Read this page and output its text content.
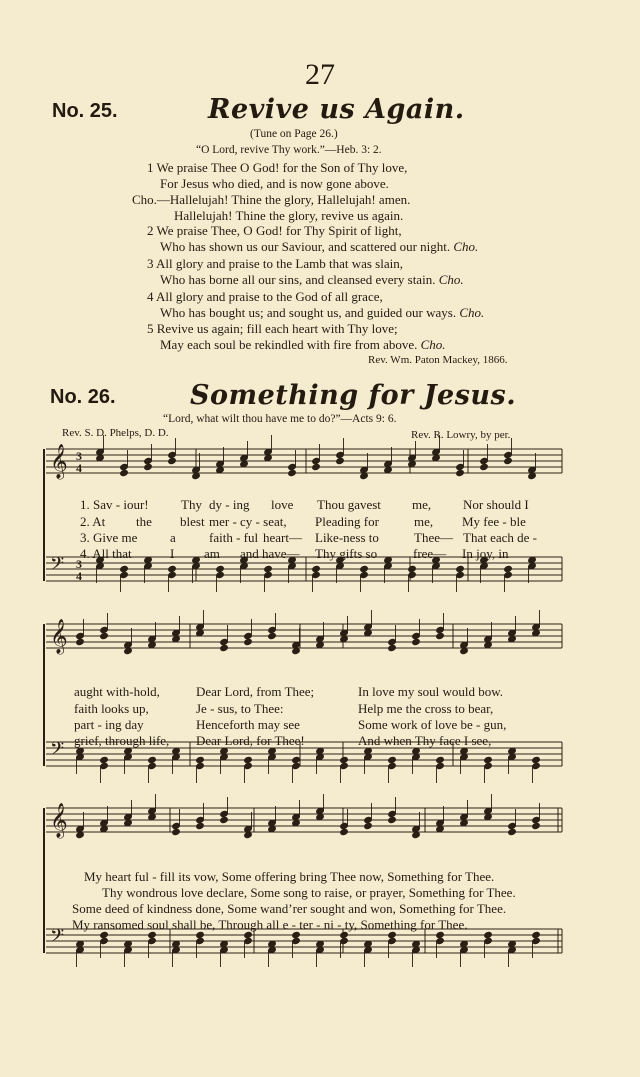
27
No. 25.	Revive us Again.
(Tune on Page 26.)
“O Lord, revive Thy work.”—Heb. 3: 2.
1 We praise Thee O God! for the Son of Thy love,
For Jesus who died, and is now gone above.
Cho.—Hallelujah! Thine the glory, Hallelujah! amen.
Hallelujah! Thine the glory, revive us again.
2 We praise Thee, O God! for Thy Spirit of light,
Who has shown us our Saviour, and scattered our night. Cho.
3 All glory and praise to the Lamb that was slain,
Who has borne all our sins, and cleansed every stain. Cho.
4 All glory and praise to the God of all grace,
Who has bought us; and sought us, and guided our ways. Cho.
5 Revive us again; fill each heart with Thy love;
May each soul be rekindled with fire from above. Cho.
Rev. Wm. Paton Mackey, 1866.
No. 26.	Something for Jesus.
“Lord, what wilt thou have me to do?”—Acts 9: 6.
Rev. S. D. Phelps, D. D.	Rev. R. Lowry, by per.
𝄞 3
4
𝄢 3
4
𝄞
𝄢
𝄞
𝄢
1. Sav - iour! Thy dy - ing love Thou gavest me, Nor should I
2. At the blest mer - cy - seat, Pleading for	me, My fee - ble
3. Give me	a	faith - ful heart— Like-ness to	Thee— That each de -
4. All that	I am and have— Thy gifts so	free— In joy, in
aught with-hold,	Dear Lord, from Thee;	In love my soul would bow.
faith looks up,	Je - sus, to Thee:	Help me the cross to bear,
part - ing day	Henceforth may see	Some work of love be - gun,
grief, through life, Dear Lord, for Thee!	And when Thy face I see,
My heart ful - fill its vow, Some offering bring Thee now, Something for Thee.
Thy wondrous love declare, Some song to raise, or prayer, Something for Thee.
Some deed of kindness done, Some wand’rer sought and won, Something for Thee.
My ransomed soul shall be, Through all e - ter - ni - ty, Something for Thee.
